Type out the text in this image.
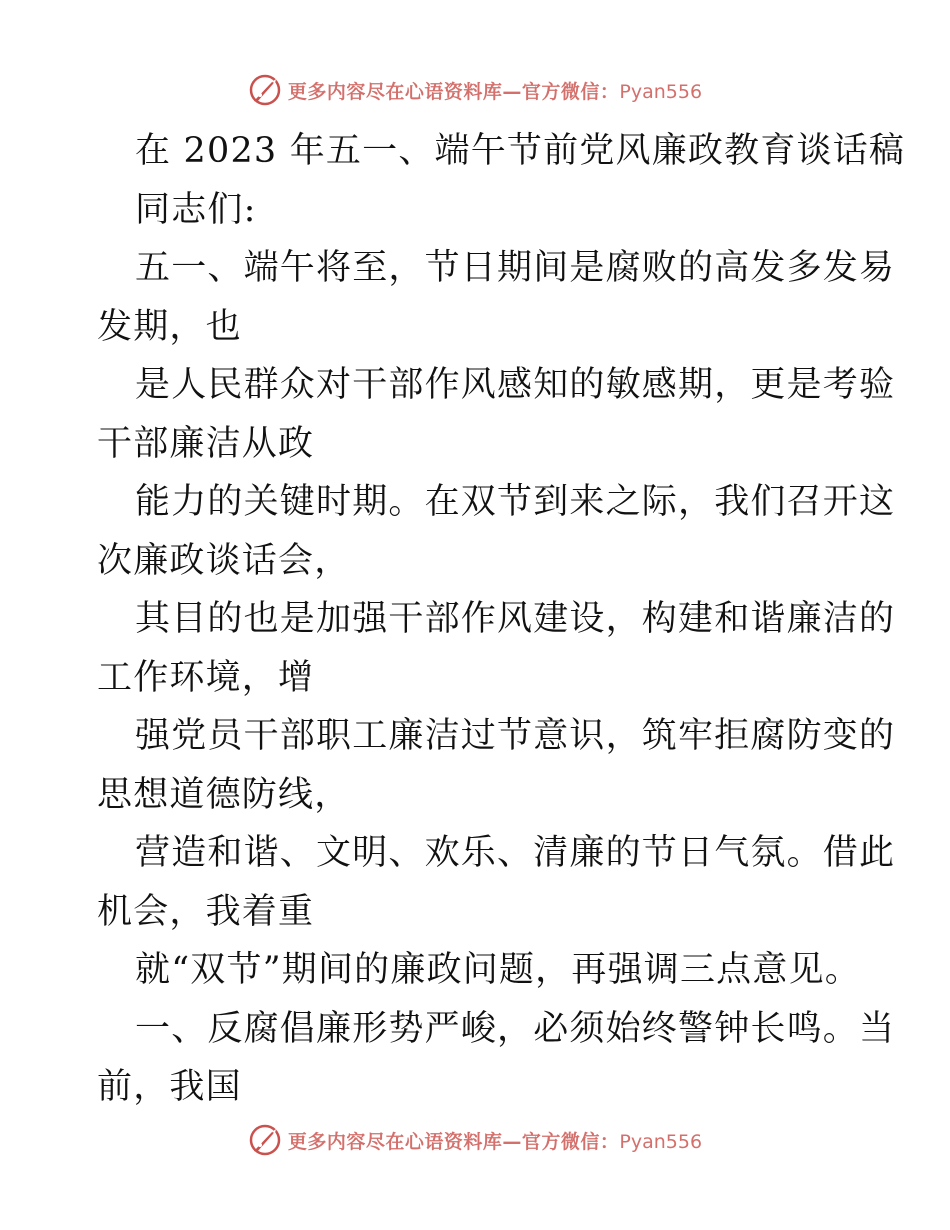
更多内容尽在心语资料库—官方微信：Pyan556
在 2023 年五一、端午节前党风廉政教育谈话稿
同志们:
五一、端午将至，节日期间是腐败的高发多发易
发期，也
是人民群众对干部作风感知的敏感期，更是考验
干部廉洁从政
能力的关键时期。在双节到来之际，我们召开这
次廉政谈话会，
其目的也是加强干部作风建设，构建和谐廉洁的
工作环境，增
强党员干部职工廉洁过节意识，筑牢拒腐防变的
思想道德防线，
营造和谐、文明、欢乐、清廉的节日气氛。借此
机会，我着重
就“双节”期间的廉政问题，再强调三点意见。
一、反腐倡廉形势严峻，必须始终警钟长鸣。当
前，我国
更多内容尽在心语资料库—官方微信：Pyan556
